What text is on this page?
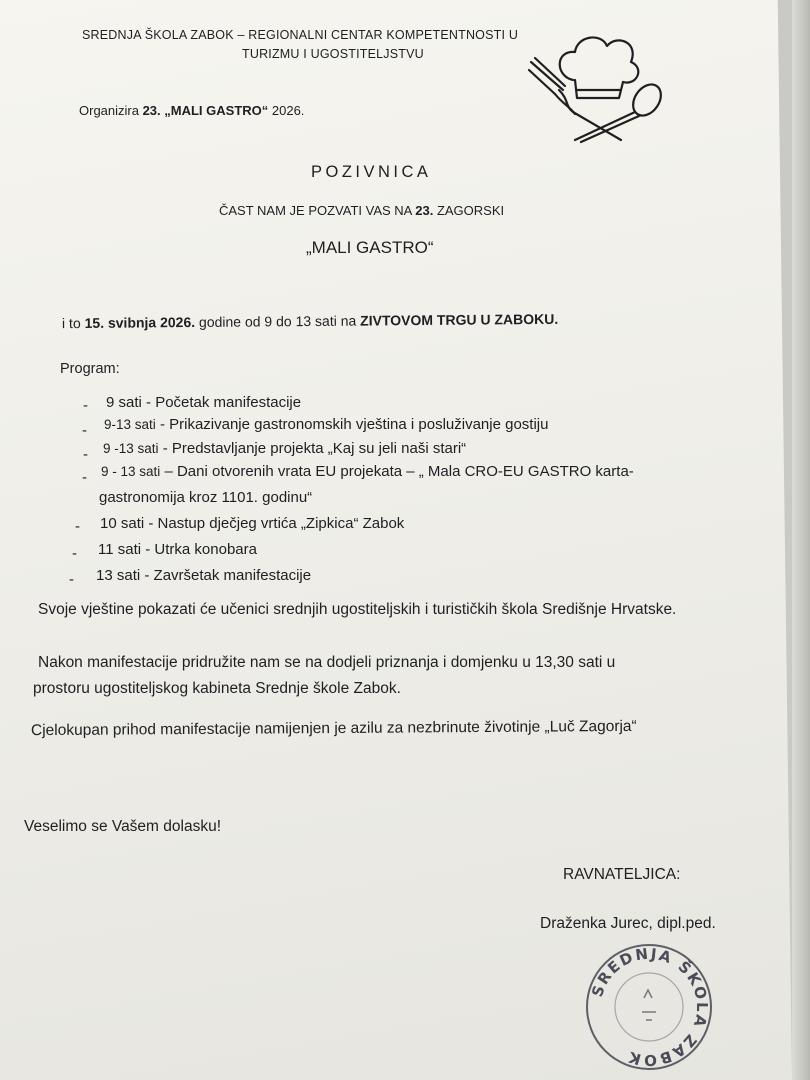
SREDNJA ŠKOLA ZABOK – REGIONALNI CENTAR KOMPETENTNOSTI U
TURIZMU I UGOSTITELJSTVU
Organizira 23. „MALI GASTRO“ 2026.
POZIVNICA
ČAST NAM JE POZVATI VAS NA 23. ZAGORSKI
„MALI GASTRO“
i to 15. svibnja 2026. godine od 9 do 13 sati na ZIVTOVOM TRGU U ZABOKU.
Program:
- 9 sati - Početak manifestacije
- 9-13 sati - Prikazivanje gastronomskih vještina i posluživanje gostiju
- 9 -13 sati - Predstavljanje projekta „Kaj su jeli naši stari“
- 9 - 13 sati – Dani otvorenih vrata EU projekata – „ Mala CRO-EU GASTRO karta-
gastronomija kroz 1101. godinu“
- 10 sati - Nastup dječjeg vrtića „Zipkica“ Zabok
- 11 sati - Utrka konobara
- 13 sati - Završetak manifestacije
Svoje vještine pokazati će učenici srednjih ugostiteljskih i turističkih škola Središnje Hrvatske.
Nakon manifestacije pridružite nam se na dodjeli priznanja i domjenku u 13,30 sati u
prostoru ugostiteljskog kabineta Srednje škole Zabok.
Cjelokupan prihod manifestacije namijenjen je azilu za nezbrinute životinje „Luč Zagorja“
Veselimo se Vašem dolasku!
RAVNATELJICA:
Draženka Jurec, dipl.ped.
SREDNJA ŠKOLA ZABOK
